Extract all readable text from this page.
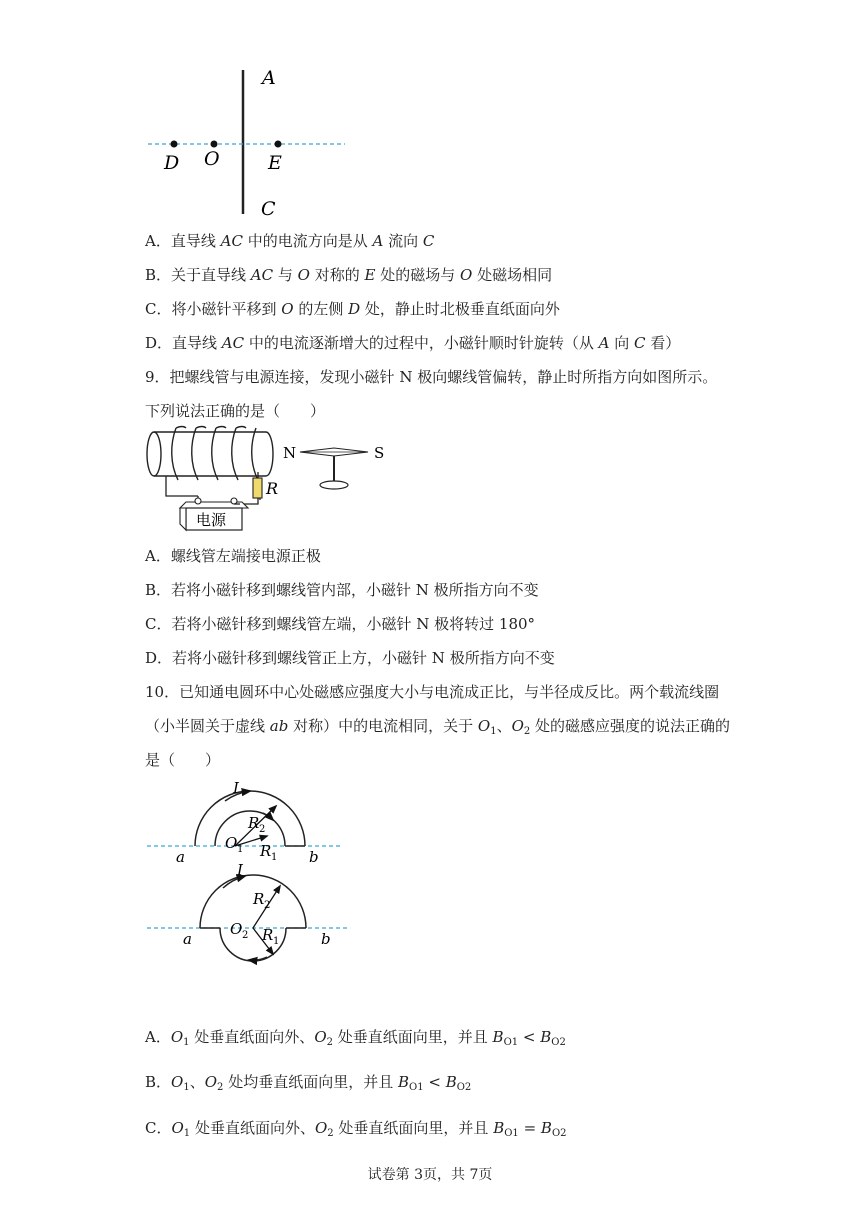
A
D O	E
C
A．直导线 AC 中的电流方向是从 A 流向 C
B．关于直导线 AC 与 O 对称的 E 处的磁场与 O 处磁场相同
C．将小磁针平移到 O 的左侧 D 处，静止时北极垂直纸面向外
D．直导线 AC 中的电流逐渐增大的过程中，小磁针顺时针旋转（从 A 向 C 看）
9．把螺线管与电源连接，发现小磁针 N 极向螺线管偏转，静止时所指方向如图所示。
下列说法正确的是（　　）
R
电源
N	S
A．螺线管左端接电源正极
B．若将小磁针移到螺线管内部，小磁针 N 极所指方向不变
C．若将小磁针移到螺线管左端，小磁针 N 极将转过 180°
D．若将小磁针移到螺线管正上方，小磁针 N 极所指方向不变
10．已知通电圆环中心处磁感应强度大小与电流成正比，与半径成反比。两个载流线圈
（小半圆关于虚线 ab 对称）中的电流相同，关于 $O_1$、$O_2$ 处的磁感应强度的说法正确的
是（　　）
I
R 2
O 1 R 1
a	b
I
R 2
O 2 R 1
a	b
A．$O_1$ 处垂直纸面向外、$O_2$ 处垂直纸面向里，并且 $B_{O1} < B_{O2}$
B．$O_1$、$O_2$ 处均垂直纸面向里，并且 $B_{O1} < B_{O2}$
C．$O_1$ 处垂直纸面向外、$O_2$ 处垂直纸面向里，并且 $B_{O1} = B_{O2}$
试卷第 3页，共 7页
